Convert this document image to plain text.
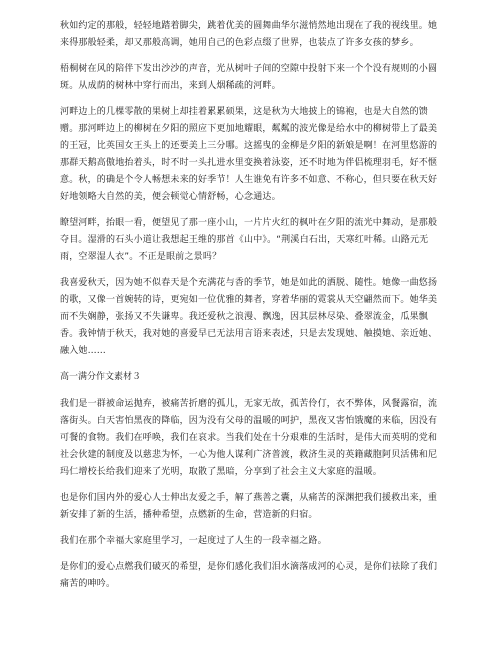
秋如约定的那般，轻轻地踏着脚尖，跳着优美的圆舞曲华尔滋悄然地出现在了我的视线里。她来得那般轻柔，却又那般高调，她用自己的色彩点缀了世界，也装点了许多女孩的梦乡。

梧桐树在风的陪伴下发出沙沙的声音，光从树叶子间的空隙中投射下来一个个没有规则的小圆斑。从成荫的树林中穿行而出，来到人烟稀疏的河畔。

河畔边上的几棵零散的果树上却挂着累累硕果，这是秋为大地披上的锦袍，也是大自然的馈赠。那河畔边上的柳树在夕阳的照应下更加地耀眼，粼粼的波光像是给水中的柳树带上了最美的王冠，比英国女王头上的还要美上三分哪。这摇曳的金柳是夕阳的新娘是啊！在河里悠游的那群天鹅高傲地抬着头，时不时一头扎进水里变换着泳姿，还不时地为伴侣梳理羽毛，好不惬意。秋，的确是个令人畅想未来的好季节！人生谁免有许多不如意、不称心，但只要在秋天好好地领略大自然的美，便会顿觉心情舒畅，心念通达。

瞭望河畔，抬眼一看，便望见了那一座小山，一片片火红的枫叶在夕阳的流光中舞动，是那般夺目。湿滑的石头小道让我想起王维的那首《山中》。“荆溪白石出，天寒红叶稀。山路元无雨，空翠湿人衣”。不正是眼前之景吗？

我喜爱秋天，因为她不似春天是个充满花与香的季节，她是如此的洒脱、随性。她像一曲悠扬的歌，又像一首婉转的诗，更宛如一位优雅的舞者，穿着华丽的霓裳从天空翩然而下。她华美而不失娴静，张扬又不失谦卑。我还爱秋之浪漫、飘逸，因其层林尽染、叠翠流金，瓜果飘香。我钟情于秋天，我对她的喜爱早已无法用言语来表述，只是去发现她、触摸她、亲近她、融入她……

高一满分作文素材３

我们是一群被命运抛弃，被痛苦折磨的孤儿，无家无故，孤苦伶仃，衣不弊体，风餐露宿，流落街头。白天害怕黑夜的降临，因为没有父母的温暖的呵护，黑夜又害怕饿魔的来临，因没有可餐的食物。我们在呼唤，我们在哀求。当我们处在十分艰难的生活时，是伟大而英明的党和社会伙建的制度及以慈悲为怀，一心为他人谋利广济普渡，救济生灵的英籍藏胞阿贝活佛和尼玛仁增校长给我们迎来了光明，取散了黑暗，分享到了社会主义大家庭的温暖。

也是你们国内外的爱心人士伸出友爱之手，解了燕善之囊，从痛苦的深渊把我们援救出来，重新安排了新的生活，播种希望，点燃新的生命，营造新的归宿。

我们在那个幸福大家庭里学习，一起度过了人生的一段幸福之路。

是你们的爱心点燃我们破灭的希望，是你们感化我们泪水滴落成河的心灵，是你们祛除了我们痛苦的呻吟。
